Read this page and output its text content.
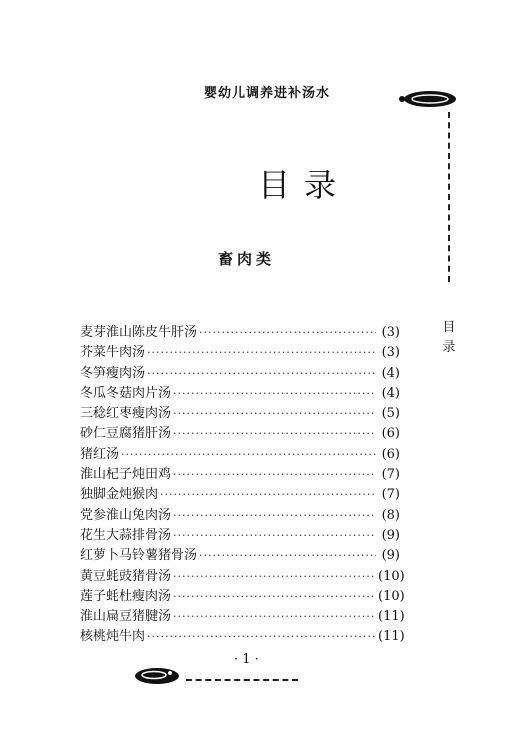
婴幼儿调养进补汤水
目
录
目录
畜肉类
麦芽淮山陈皮牛肝汤 ·····	(3)
芥菜牛肉汤 ·····	(3)
冬笋瘦肉汤 ·····	(4)
冬瓜冬菇肉片汤 ·····	(4)
三稔红枣瘦肉汤 ·····	(5)
砂仁豆腐猪肝汤 ·····	(6)
猪红汤 ·····	(6)
淮山杞子炖田鸡 ·····	(7)
独脚金炖猴肉 ·····	(7)
党参淮山兔肉汤 ·····	(8)
花生大蒜排骨汤 ·····	(9)
红萝卜马铃薯猪骨汤 ·····	(9)
黄豆蚝豉猪骨汤 ·····	(10)
莲子蚝杜瘦肉汤 ·····	(10)
淮山扁豆猪腱汤 ·····	(11)
核桃炖牛肉 ·····	(11)
· 1 ·
